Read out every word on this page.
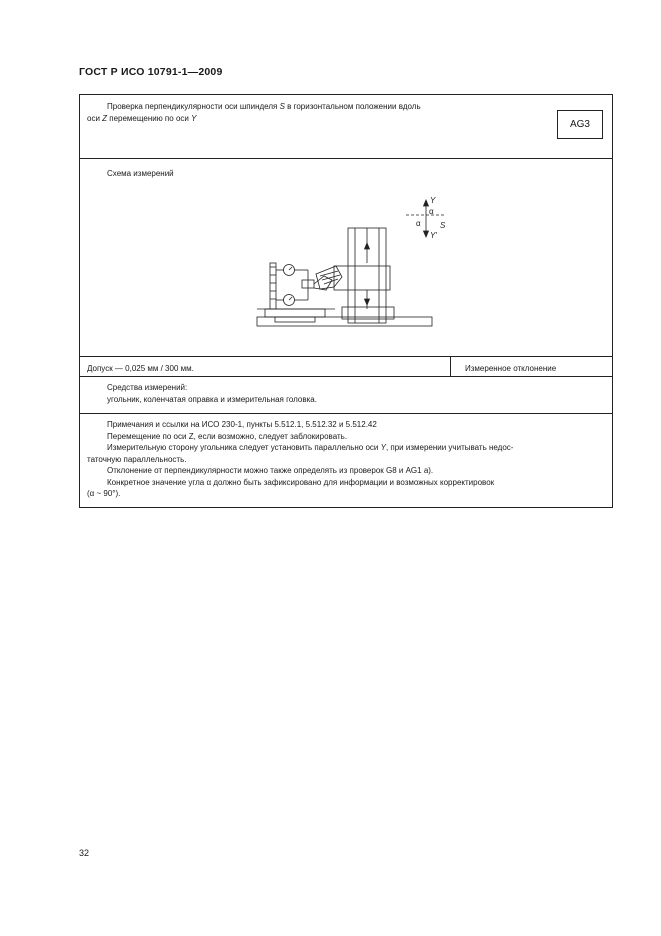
ГОСТ Р ИСО 10791-1—2009
Проверка перпендикулярности оси шпинделя S в горизонтальном положении вдоль
оси Z перемещению по оси Y
AG3
Схема измерений
Y
Y'
S
α
α
Допуск — 0,025 мм / 300 мм.	Измеренное отклонение
Средства измерений:
угольник, коленчатая оправка и измерительная головка.
Примечания и ссылки на ИСО 230-1, пункты 5.512.1, 5.512.32 и 5.512.42
Перемещение по оси Z, если возможно, следует заблокировать.
Измерительную сторону угольника следует установить параллельно оси Y, при измерении учитывать недос-
таточную параллельность.
Отклонение от перпендикулярности можно также определять из проверок G8 и AG1 a).
Конкретное значение угла α должно быть зафиксировано для информации и возможных корректировок
(α ~ 90°).
32
